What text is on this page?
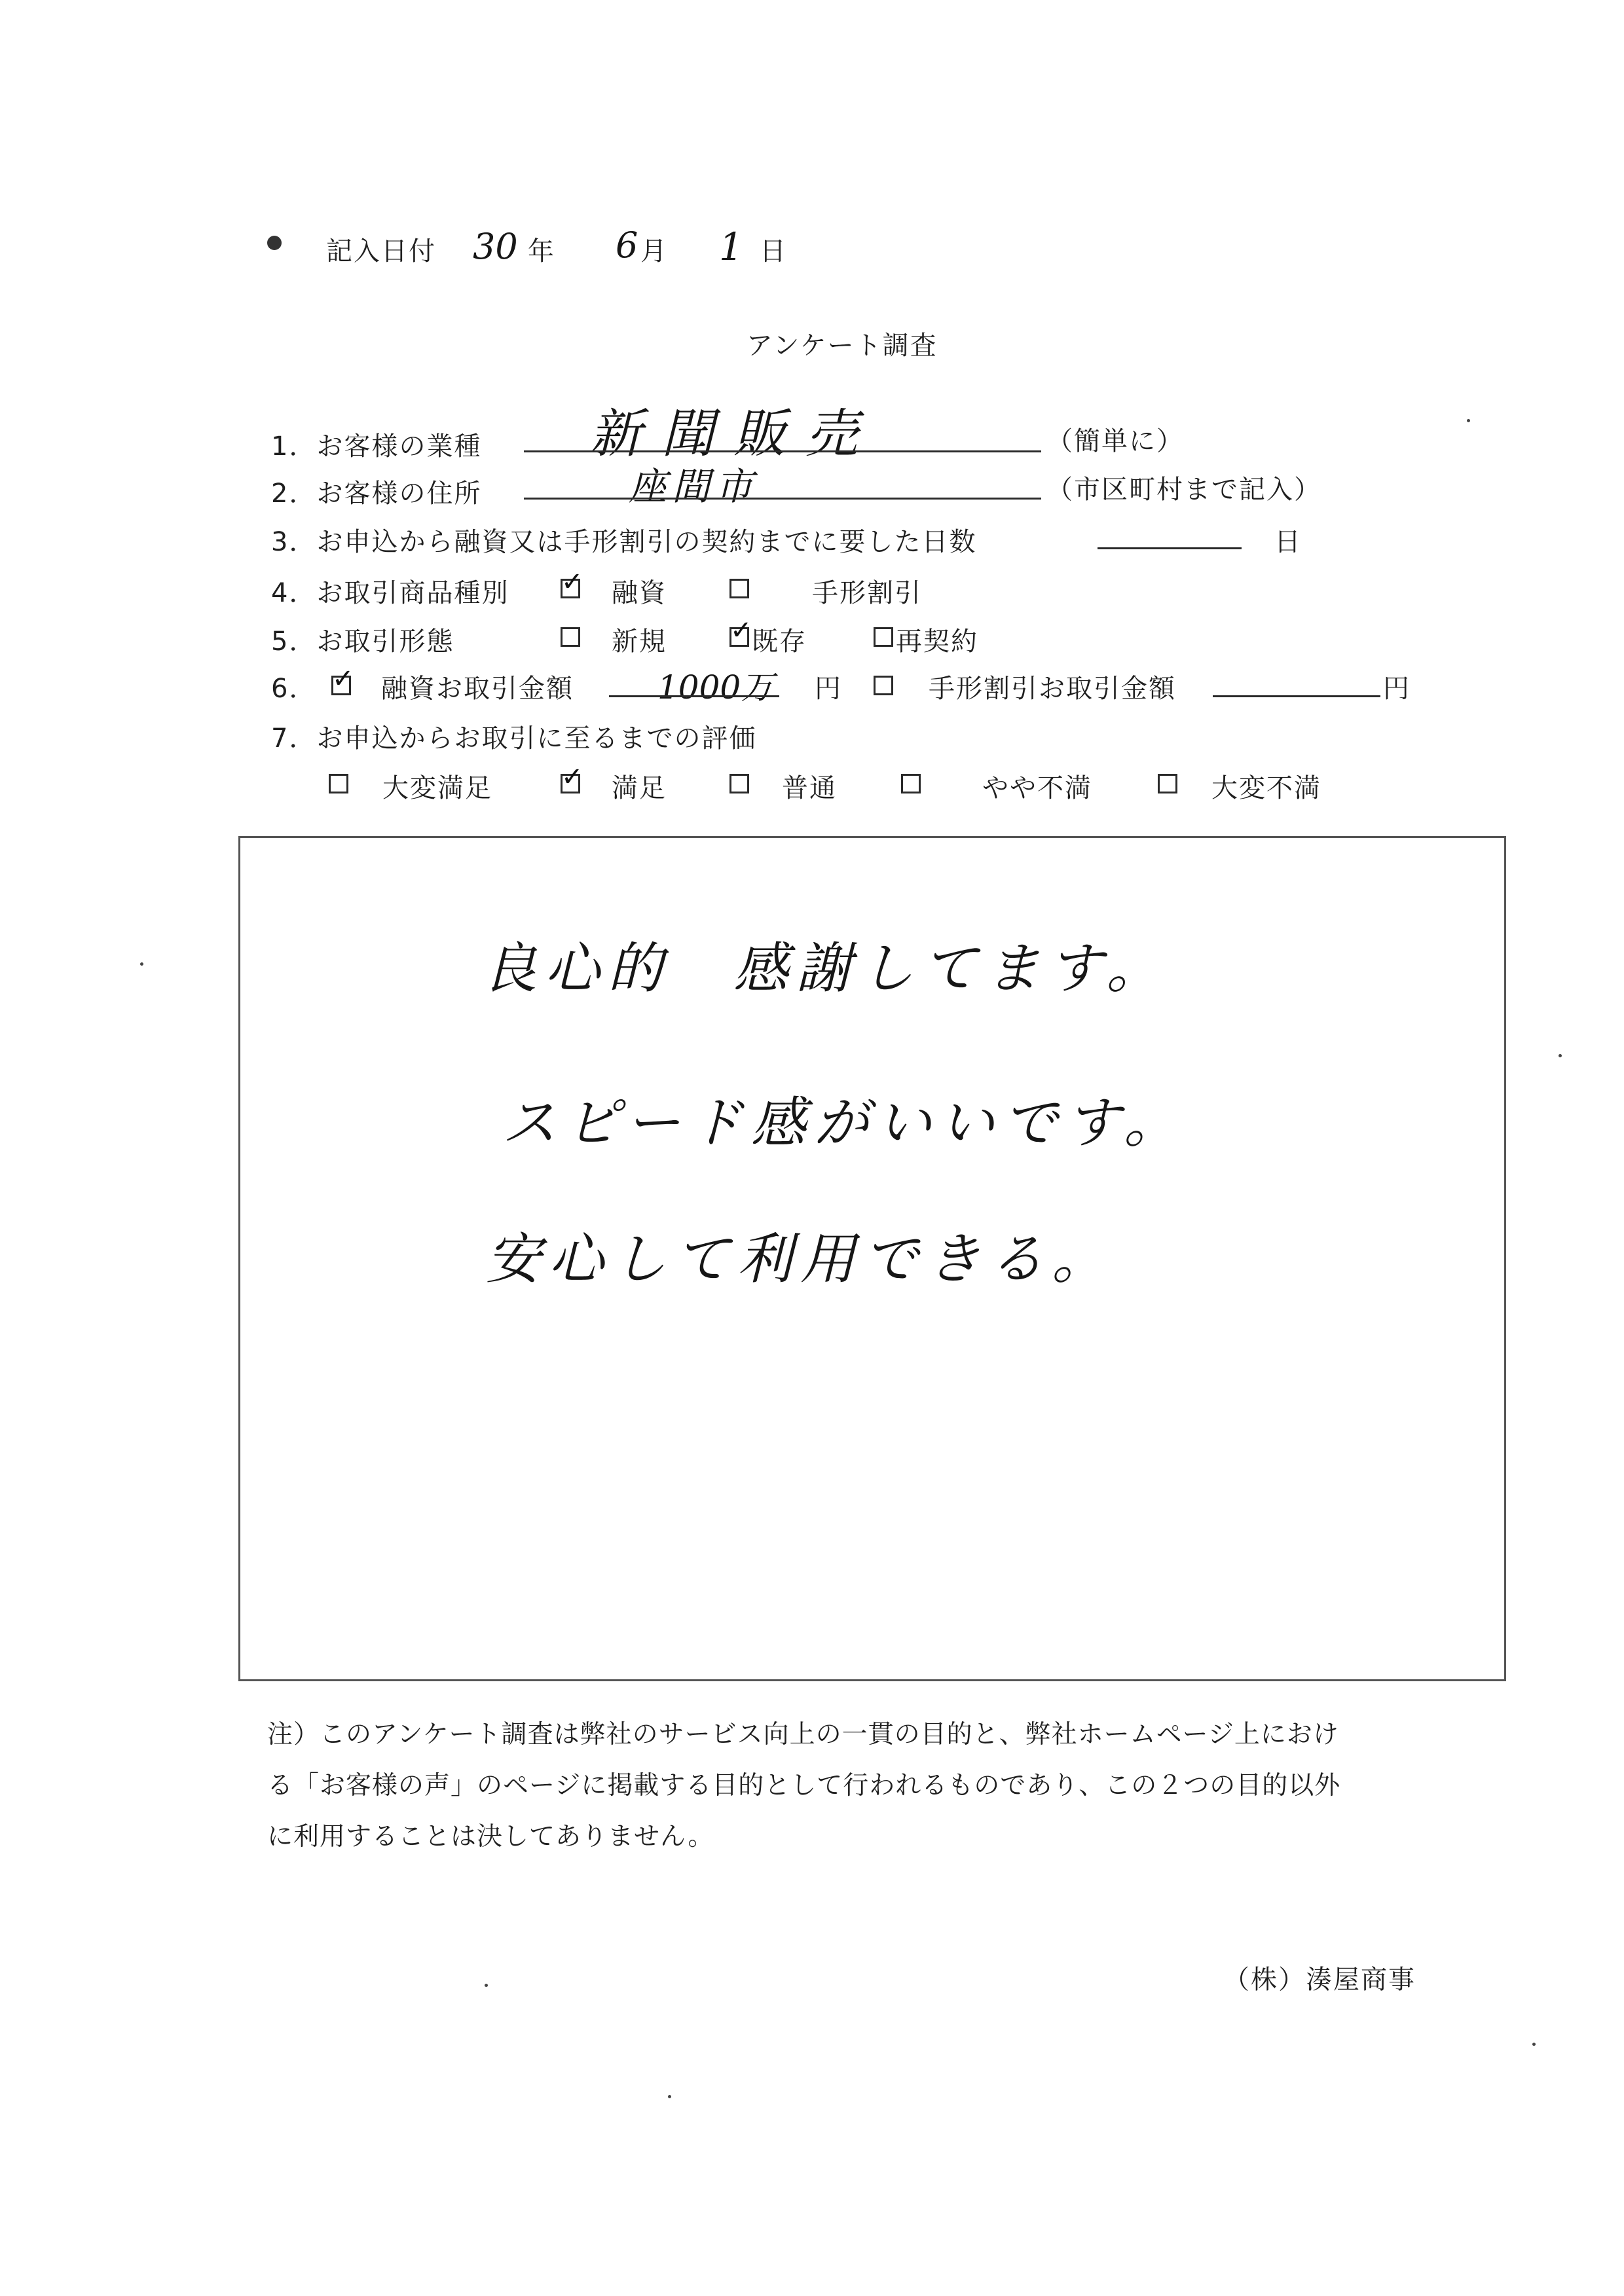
記入日付 30 年 6 月 1 日
アンケート調査
1．お客様の業種 新聞販売	（簡単に）
2．お客様の住所	座間市	（市区町村まで記入）
3．お申込から融資又は手形割引の契約までに要した日数	日
4．お取引商品種別 ✓ 融資	手形割引
5．お取引形態	新規 ✓ 既存	再契約
6． ✓ 融資お取引金額	1000万 円	手形割引お取引金額	円
7．お申込からお取引に至るまでの評価
大変満足	✓ 満足	普通	やや不満	大変不満
良心的　感謝してます。
スピード感がいいです。
安心して利用できる。
注）このアンケート調査は弊社のサービス向上の一貫の目的と、弊社ホームページ上におけ
る「お客様の声」のページに掲載する目的として行われるものであり、この２つの目的以外
に利用することは決してありません。
（株）湊屋商事
